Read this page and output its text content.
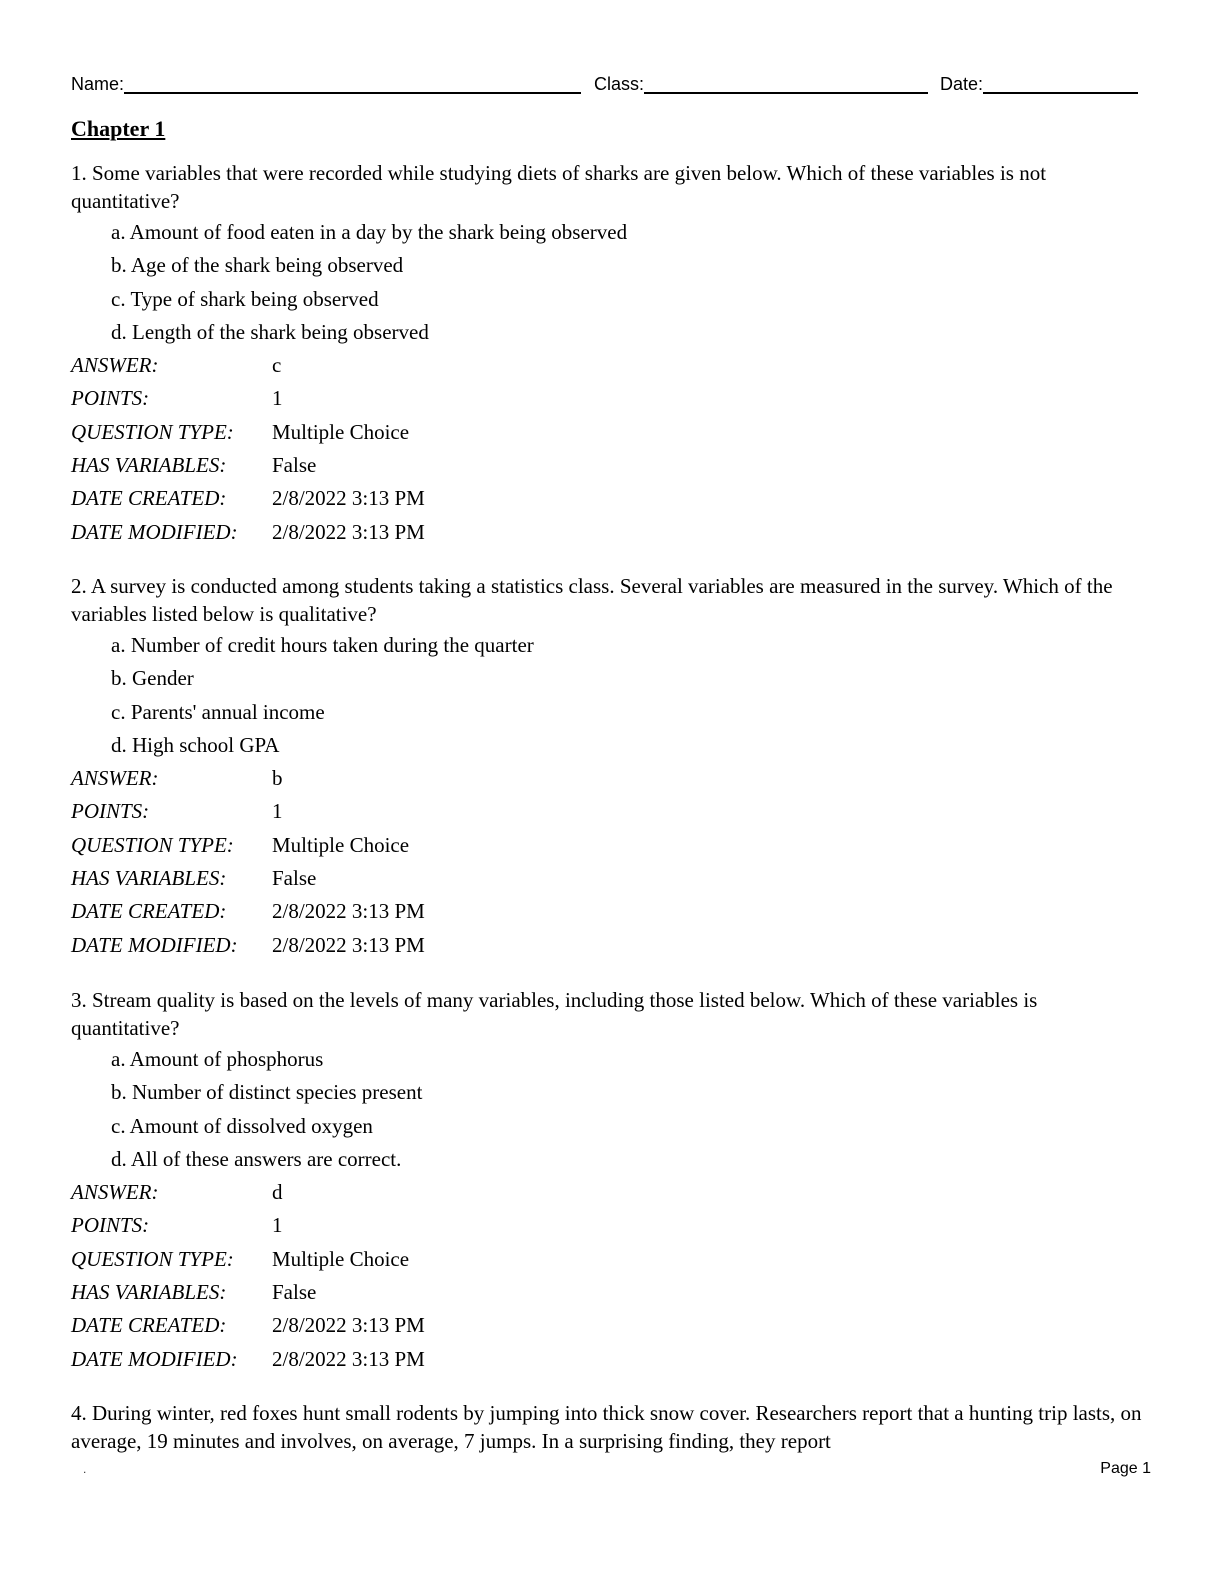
Name:	Class:	Date:
Chapter 1

1. Some variables that were recorded while studying diets of sharks are given below. Which of these variables is not quantitative?

a. Amount of food eaten in a day by the shark being observed
b. Age of the shark being observed
c. Type of shark being observed
d. Length of the shark being observed
ANSWER:	c
POINTS:	1
QUESTION TYPE:	Multiple Choice
HAS VARIABLES:	False
DATE CREATED:	2/8/2022 3:13 PM
DATE MODIFIED:	2/8/2022 3:13 PM

2. A survey is conducted among students taking a statistics class. Several variables are measured in the survey. Which of the variables listed below is qualitative?

a. Number of credit hours taken during the quarter
b. Gender
c. Parents' annual income
d. High school GPA
ANSWER:	b
POINTS:	1
QUESTION TYPE:	Multiple Choice
HAS VARIABLES:	False
DATE CREATED:	2/8/2022 3:13 PM
DATE MODIFIED:	2/8/2022 3:13 PM

3. Stream quality is based on the levels of many variables, including those listed below. Which of these variables is quantitative?

a. Amount of phosphorus
b. Number of distinct species present
c. Amount of dissolved oxygen
d. All of these answers are correct.
ANSWER:	d
POINTS:	1
QUESTION TYPE:	Multiple Choice
HAS VARIABLES:	False
DATE CREATED:	2/8/2022 3:13 PM
DATE MODIFIED:	2/8/2022 3:13 PM

4. During winter, red foxes hunt small rodents by jumping into thick snow cover. Researchers report that a hunting trip lasts, on average, 19 minutes and involves, on average, 7 jumps. In a surprising finding, they report

.	Page 1
